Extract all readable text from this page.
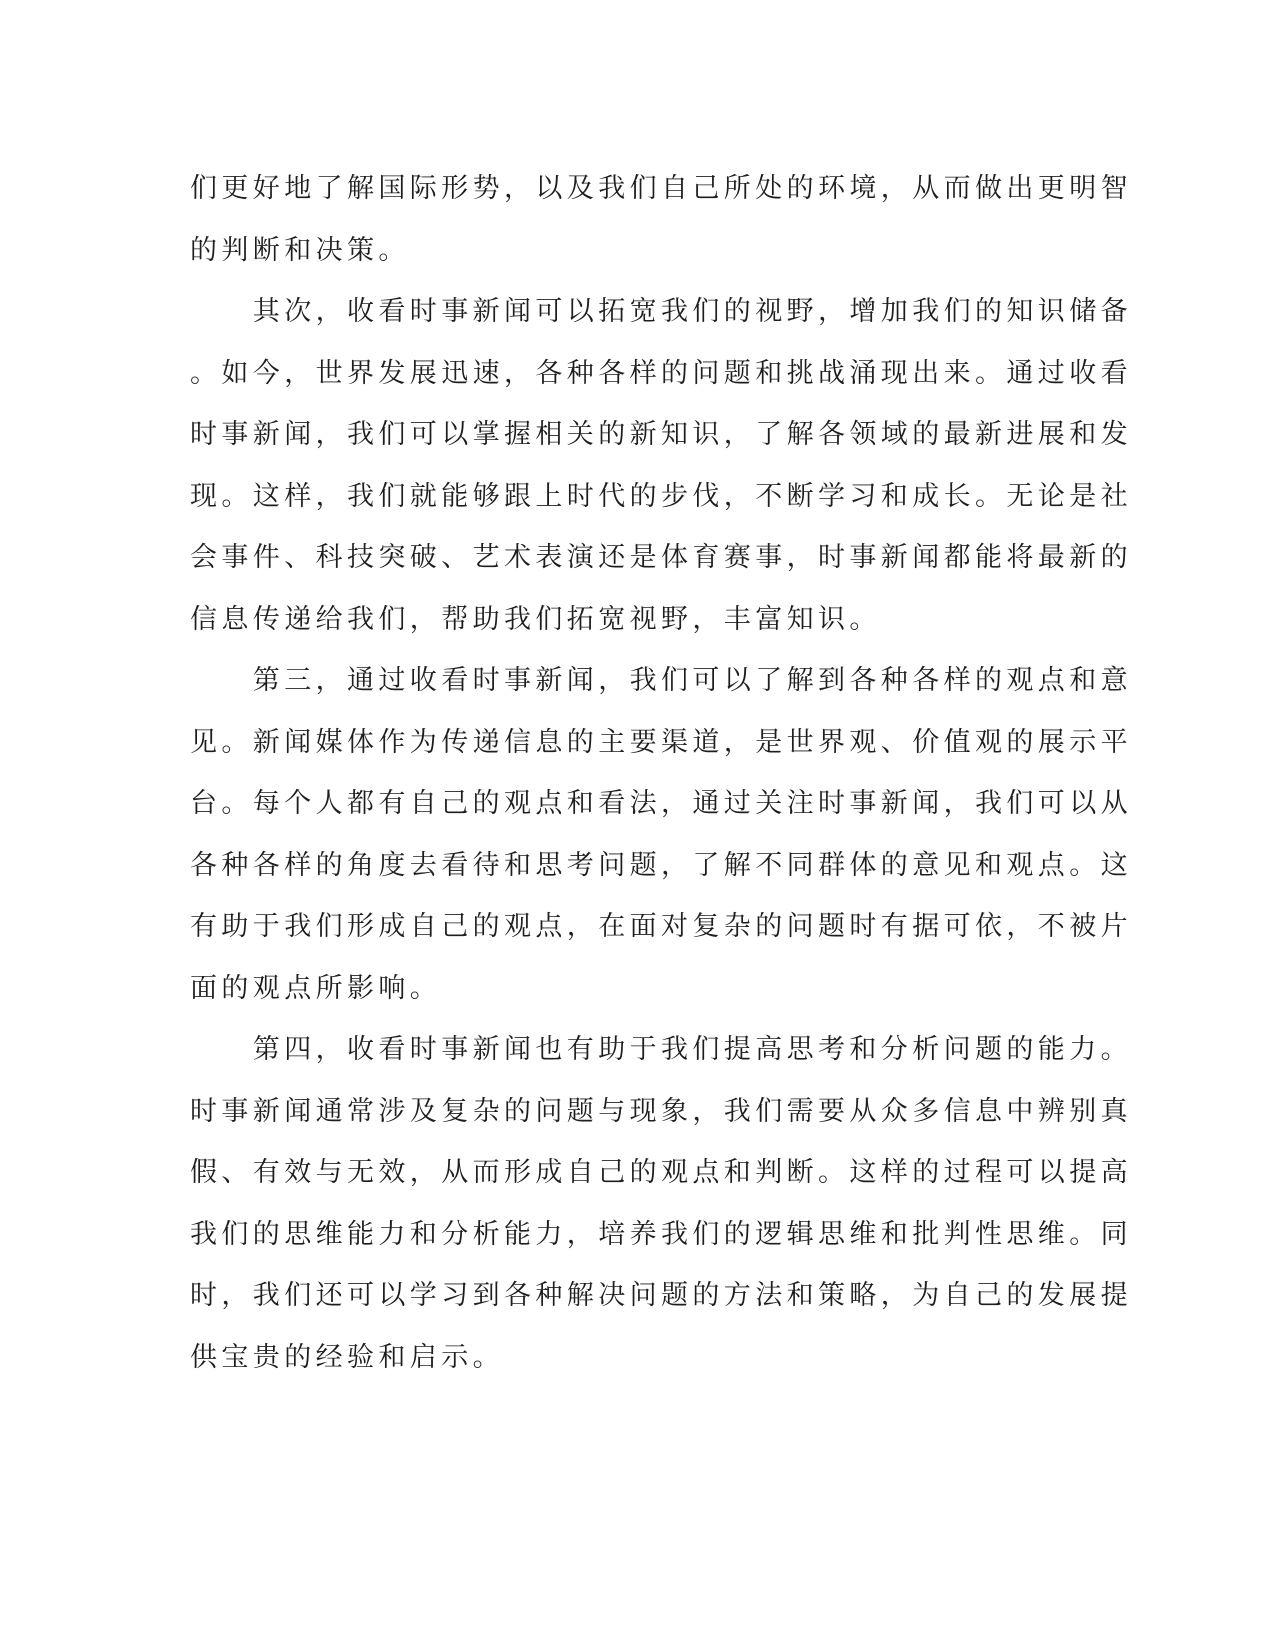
们更好地了解国际形势，以及我们自己所处的环境，从而做出更明智
的判断和决策。
　　其次，收看时事新闻可以拓宽我们的视野，增加我们的知识储备
。如今，世界发展迅速，各种各样的问题和挑战涌现出来。通过收看
时事新闻，我们可以掌握相关的新知识，了解各领域的最新进展和发
现。这样，我们就能够跟上时代的步伐，不断学习和成长。无论是社
会事件、科技突破、艺术表演还是体育赛事，时事新闻都能将最新的
信息传递给我们，帮助我们拓宽视野，丰富知识。
　　第三，通过收看时事新闻，我们可以了解到各种各样的观点和意
见。新闻媒体作为传递信息的主要渠道，是世界观、价值观的展示平
台。每个人都有自己的观点和看法，通过关注时事新闻，我们可以从
各种各样的角度去看待和思考问题，了解不同群体的意见和观点。这
有助于我们形成自己的观点，在面对复杂的问题时有据可依，不被片
面的观点所影响。
　　第四，收看时事新闻也有助于我们提高思考和分析问题的能力。
时事新闻通常涉及复杂的问题与现象，我们需要从众多信息中辨别真
假、有效与无效，从而形成自己的观点和判断。这样的过程可以提高
我们的思维能力和分析能力，培养我们的逻辑思维和批判性思维。同
时，我们还可以学习到各种解决问题的方法和策略，为自己的发展提
供宝贵的经验和启示。
